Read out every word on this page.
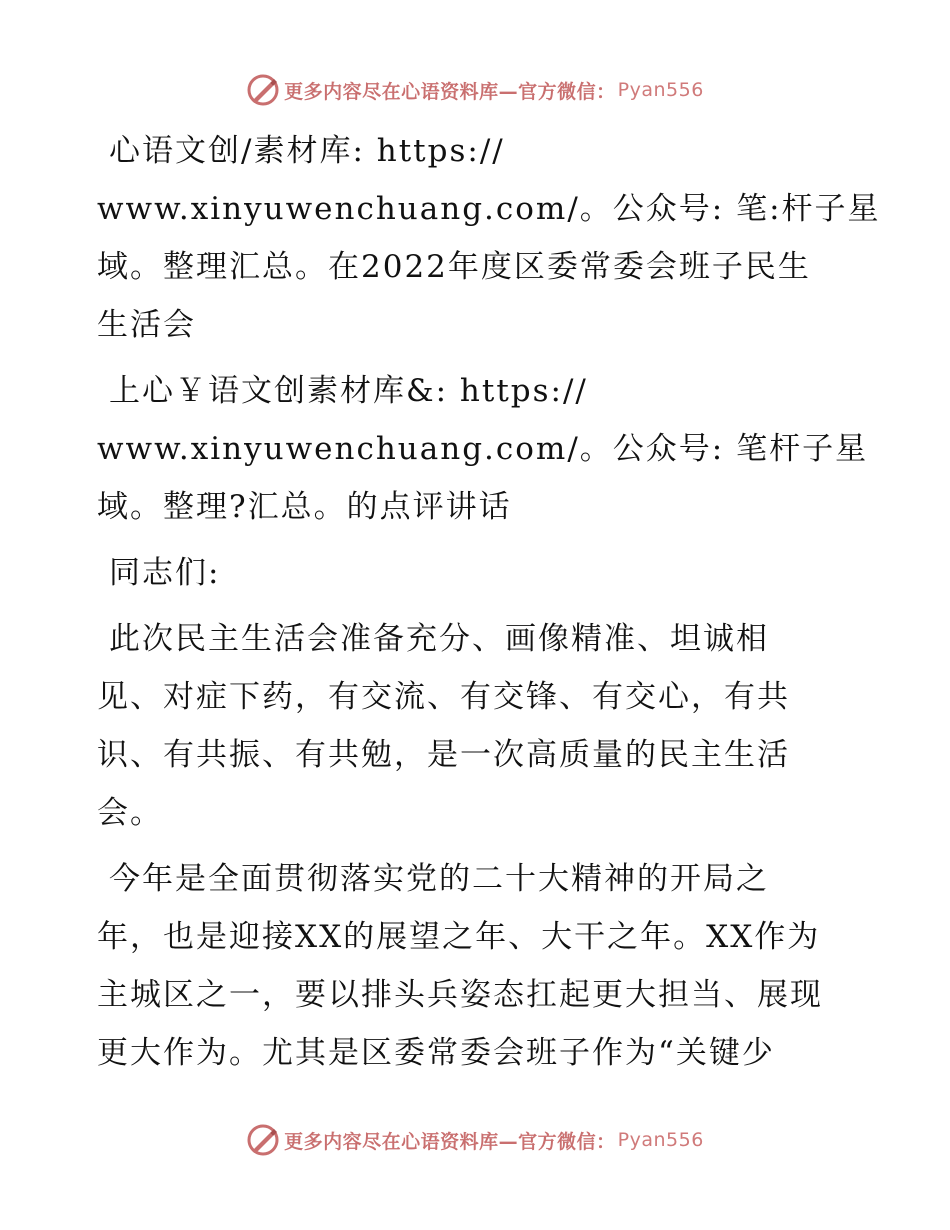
更多内容尽在心语资料库—官方微信： Pyan556

心语文创/素材库: https://
www.xinyuwenchuang.com/。公众号: 笔:杆子星
域。整理汇总。在2022年度区委常委会班子民生
生活会

上心￥语文创素材库&: https://
www.xinyuwenchuang.com/。公众号: 笔杆子星
域。整理?汇总。的点评讲话

同志们:

此次民主生活会准备充分、画像精准、坦诚相
见、对症下药，有交流、有交锋、有交心，有共
识、有共振、有共勉，是一次高质量的民主生活
会。

今年是全面贯彻落实党的二十大精神的开局之
年，也是迎接XX的展望之年、大干之年。XX作为
主城区之一，要以排头兵姿态扛起更大担当、展现
更大作为。尤其是区委常委会班子作为“关键少

更多内容尽在心语资料库—官方微信： Pyan556
